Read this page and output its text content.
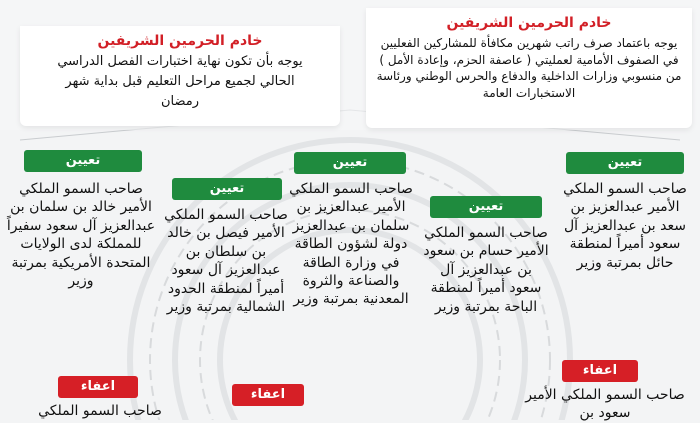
خادم الحرمين الشريفين

يوجه باعتماد صرف راتب شهرين مكافأة للمشاركين الفعليين في الصفوف الأمامية لعمليتي ( عاصفة الحزم، وإعادة الأمل ) من منسوبي وزارات الداخلية والدفاع والحرس الوطني ورئاسة الاستخبارات العامة

خادم الحرمين الشريفين

يوجه بأن تكون نهاية اختبارات الفصل الدراسي الحالي لجميع مراحل التعليم قبل بداية شهر رمضان

تعيين
صاحب السمو الملكي الأمير عبدالعزيز بن سعد بن عبدالعزيز آل سعود أميراً لمنطقة حائل بمرتبة وزير
تعيين
صاحب السمو الملكي الأمير حسام بن سعود بن عبدالعزيز آل سعود أميراً لمنطقة الباحة بمرتبة وزير
تعيين
صاحب السمو الملكي الأمير عبدالعزيز بن سلمان بن عبدالعزيز دولة لشؤون الطاقة في وزارة الطاقة والصناعة والثروة المعدنية بمرتبة وزير
تعيين
صاحب السمو الملكي الأمير فيصل بن خالد بن سلطان بن عبدالعزيز آل سعود أميراً لمنطقة الحدود الشمالية بمرتبة وزير
تعيين
صاحب السمو الملكي الأمير خالد بن سلمان بن عبدالعزيز آل سعود سفيراً للمملكة لدى الولايات المتحدة الأمريكية بمرتبة وزير
اعفاء
صاحب السمو الملكي الأمير سعود بن
اعفاء
اعفاء
صاحب السمو الملكي
